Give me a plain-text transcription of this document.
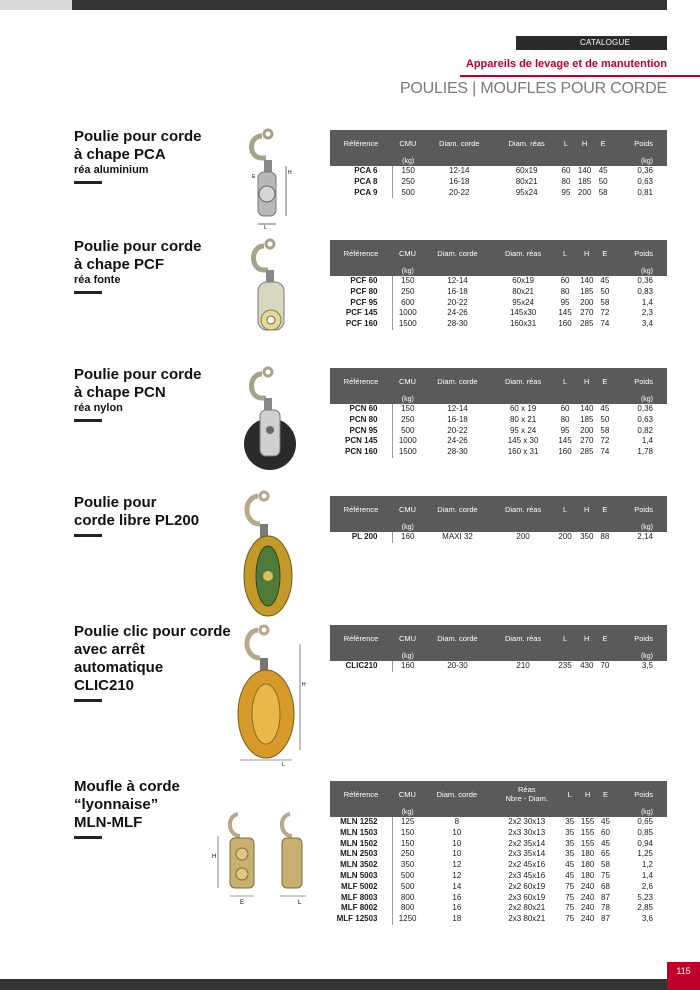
CATALOGUE
Appareils de levage et de manutention
POULIES | MOUFLES POUR CORDE
Poulie pour corde
à chape PCA
réa aluminium	H
E
L
Référence	CMU	Diam. corde	Diam. réas	L	H	E	Poids
	(kg)						(kg)
PCA 6	150	12-14	60x19	60	140	45	0,36
PCA 8	250	16-18	80x21	80	185	50	0,63
PCA 9	500	20-22	95x24	95	200	58	0,81
Poulie pour corde
à chape PCF
réa fonte
Référence	CMU	Diam. corde	Diam. réas	L	H	E	Poids
	(kg)						(kg)
PCF 60	150	12-14	60x19	60	140	45	0,36
PCF 80	250	16-18	80x21	80	185	50	0,83
PCF 95	600	20-22	95x24	95	200	58	1,4
PCF 145	1000	24-26	145x30	145	270	72	2,3
PCF 160	1500	28-30	160x31	160	285	74	3,4
Poulie pour corde
à chape PCN
réa nylon
Référence	CMU	Diam. corde	Diam. réas	L	H	E	Poids
	(kg)						(kg)
PCN 60	150	12-14	60 x 19	60	140	45	0,36
PCN 80	250	16-18	80 x 21	80	185	50	0,63
PCN 95	500	20-22	95 x 24	95	200	58	0,82
PCN 145	1000	24-26	145 x 30	145	270	72	1,4
PCN 160	1500	28-30	160 x 31	160	285	74	1,78
Poulie pour
corde libre PL200
Référence	CMU	Diam. corde	Diam. réas	L	H	E	Poids
	(kg)						(kg)
PL 200	160	MAXI 32	200	200	350	88	2,14
Poulie clic pour corde
avec arrêt
automatique
CLIC210	H
L
Référence	CMU	Diam. corde	Diam. réas	L	H	E	Poids
	(kg)						(kg)
CLIC210	160	20-30	210	235	430	70	3,5
Moufle à corde
“lyonnaise”
MLN-MLF
H
E	L
Référence	CMU	Diam. corde	Réas
Nbre - Diam.	L	H	E	Poids
	(kg)						(kg)
MLN 1252	125	8	2x2 30x13	35	155	45	0,65
MLN 1503	150	10	2x3 30x13	35	155	60	0,85
MLN 1502	150	10	2x2 35x14	35	155	45	0,94
MLN 2503	250	10	2x3 35x14	35	180	65	1,25
MLN 3502	350	12	2x2 45x16	45	180	58	1,2
MLN 5003	500	12	2x3 45x16	45	180	75	1,4
MLF 5002	500	14	2x2 60x19	75	240	68	2,6
MLF 8003	800	16	2x3 60x19	75	240	87	5,23
MLF 8002	800	16	2x2 80x21	75	240	78	2,85
MLF 12503	1250	18	2x3 80x21	75	240	87	3,6
115
